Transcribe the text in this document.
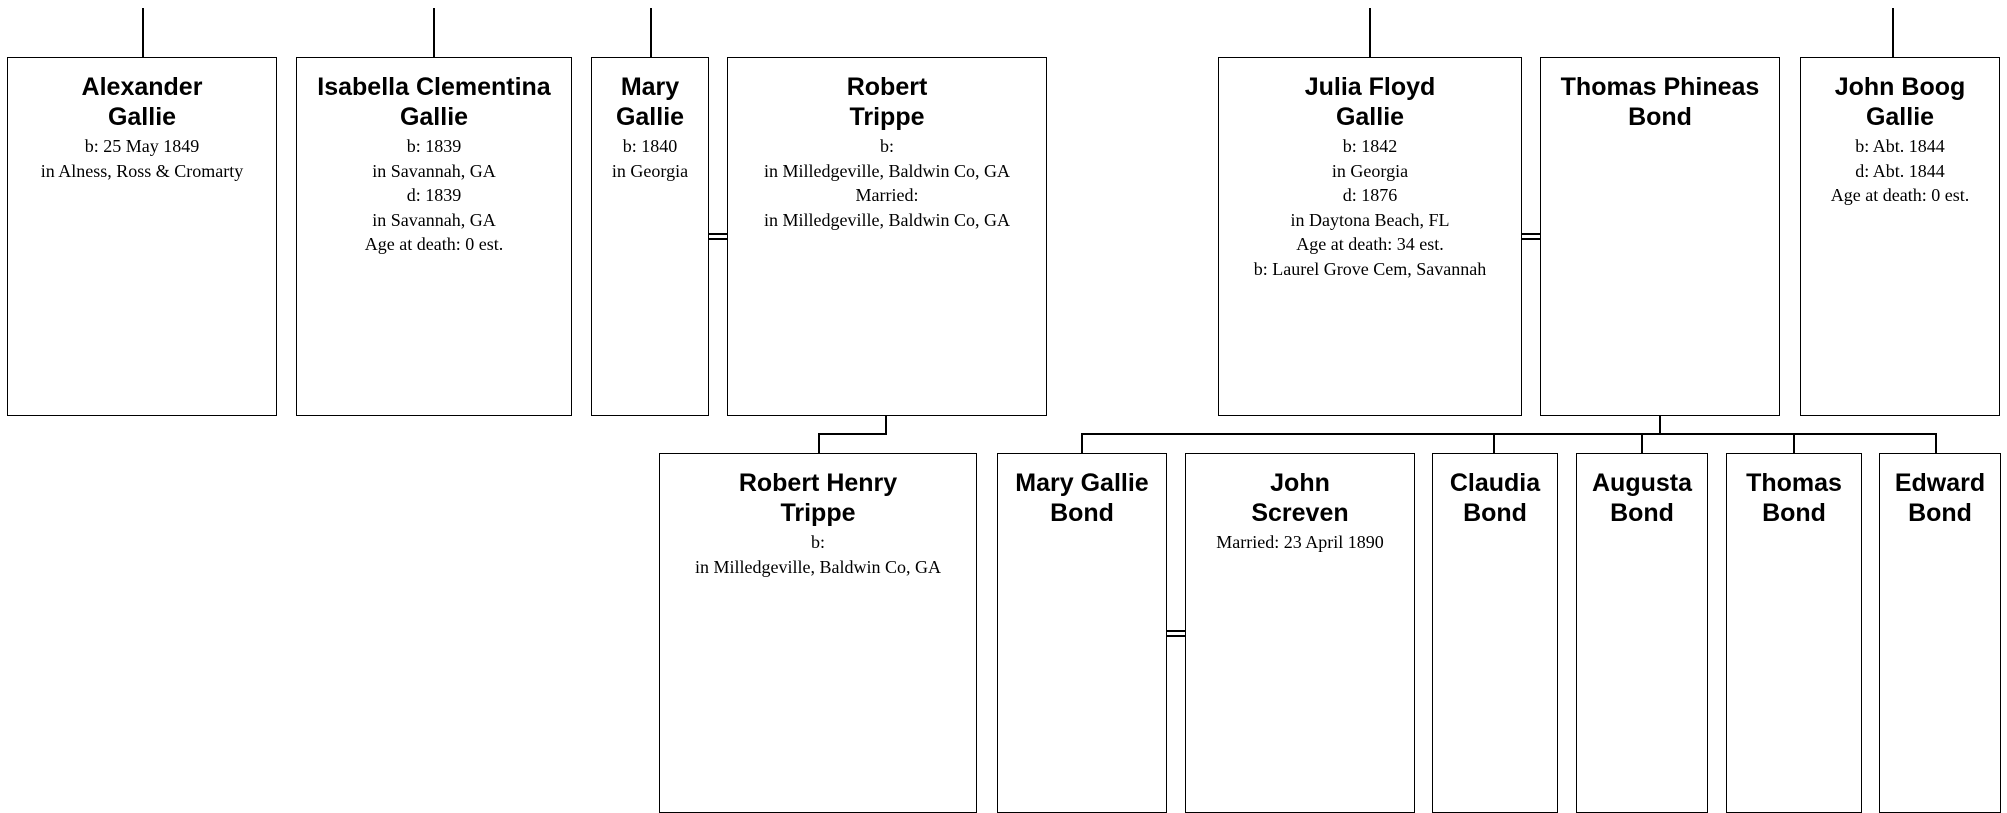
Alexander
Gallie
b: 25 May 1849
in Alness, Ross & Cromarty
Isabella Clementina
Gallie
b: 1839
in Savannah, GA
d: 1839
in Savannah, GA
Age at death: 0 est.
Mary
Gallie
b: 1840
in Georgia
Robert
Trippe
b:
in Milledgeville, Baldwin Co, GA
Married:
in Milledgeville, Baldwin Co, GA
Julia Floyd
Gallie
b: 1842
in Georgia
d: 1876
in Daytona Beach, FL
Age at death: 34 est.
b: Laurel Grove Cem, Savannah
Thomas Phineas
Bond
John Boog
Gallie
b: Abt. 1844
d: Abt. 1844
Age at death: 0 est.
Robert Henry
Trippe
b:
in Milledgeville, Baldwin Co, GA
Mary Gallie
Bond
John
Screven
Married: 23 April 1890
Claudia
Bond
Augusta
Bond
Thomas
Bond
Edward
Bond
